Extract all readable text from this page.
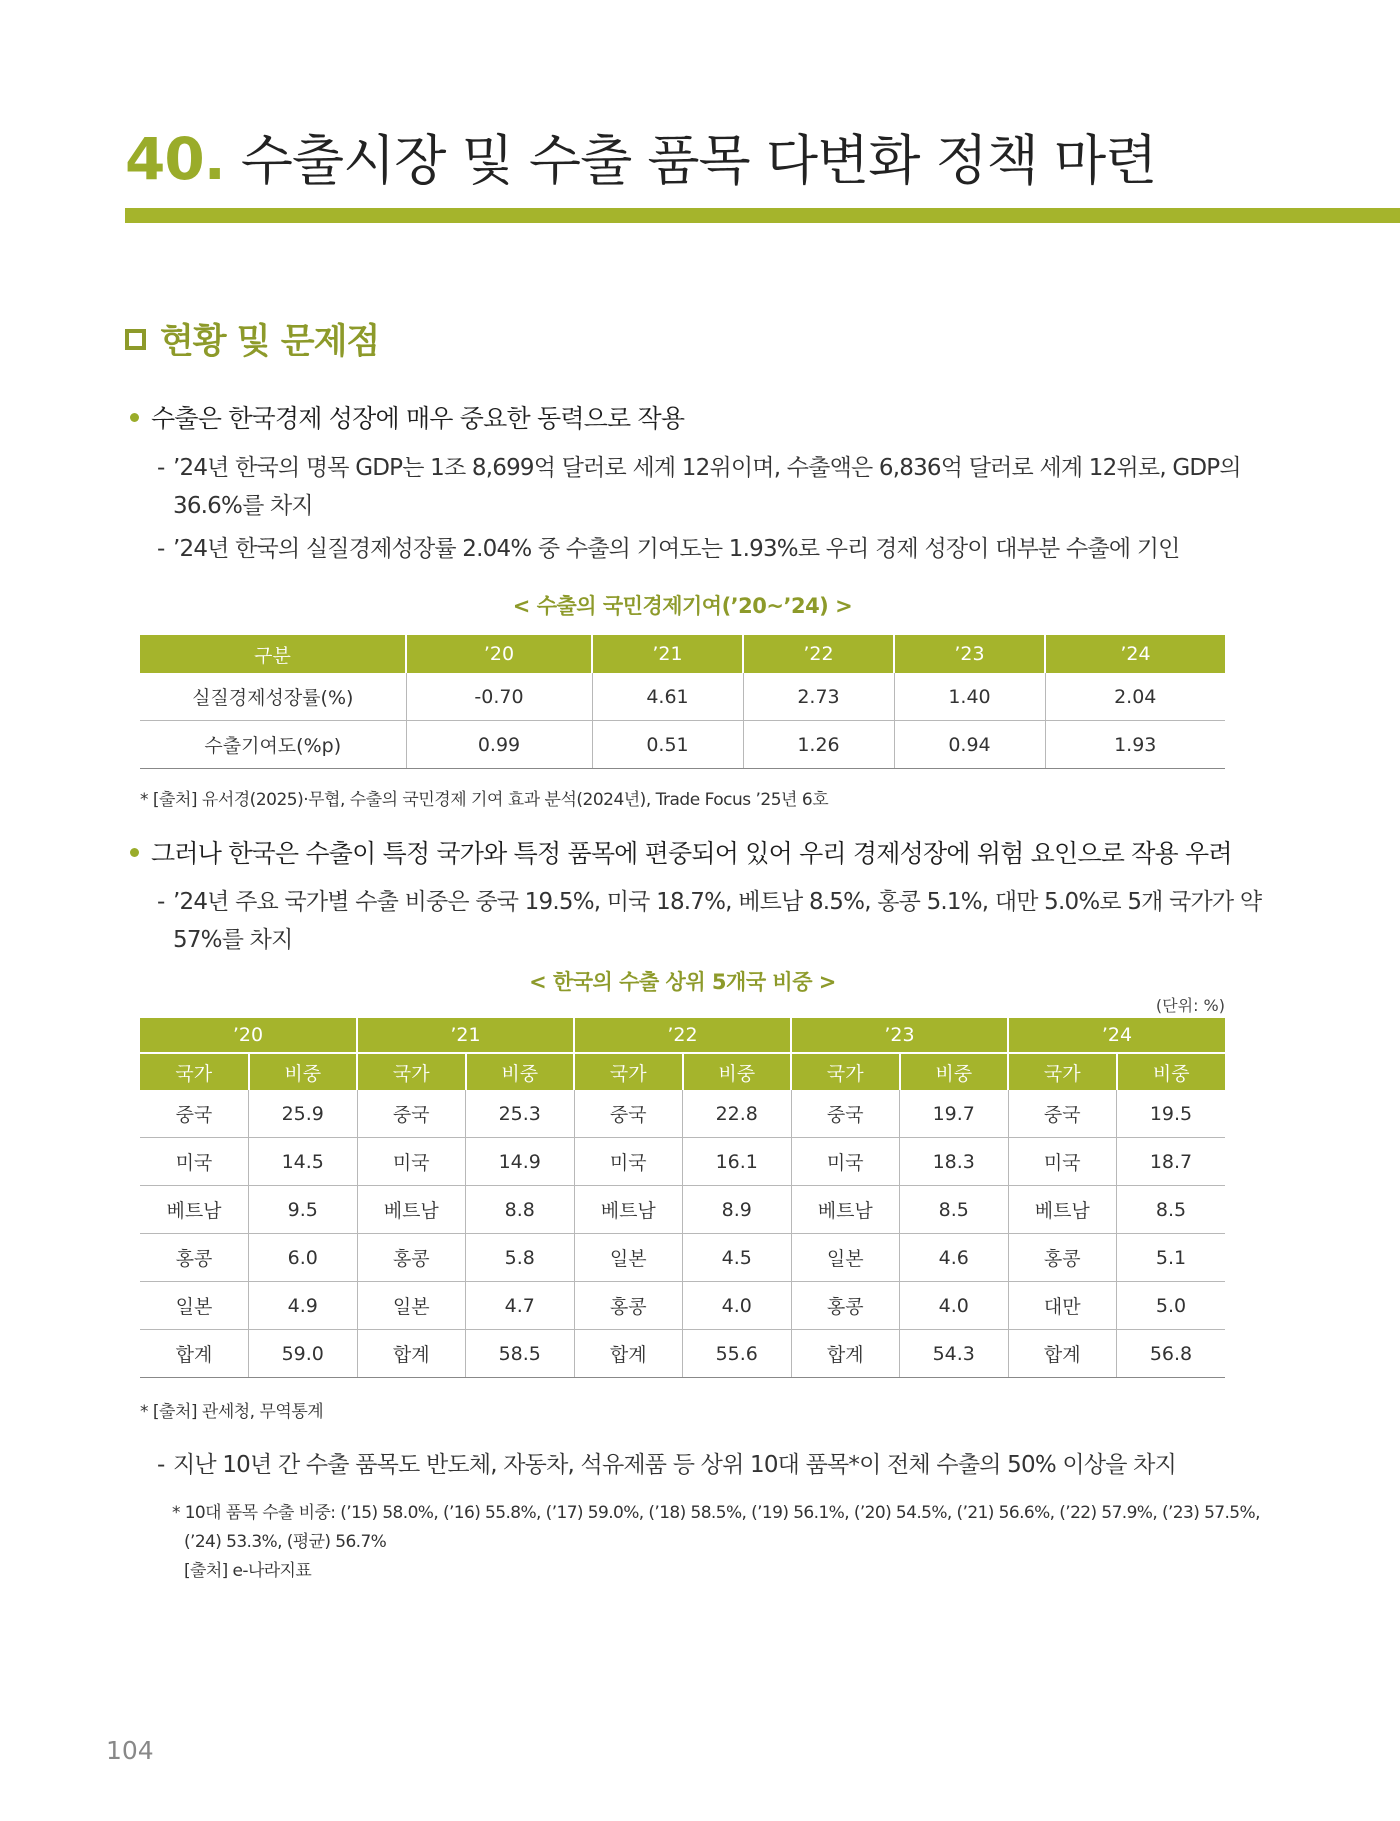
40. 수출시장 및 수출 품목 다변화 정책 마련
현황 및 문제점
수출은 한국경제 성장에 매우 중요한 동력으로 작용
- ’24년 한국의 명목 GDP는 1조 8,699억 달러로 세계 12위이며, 수출액은 6,836억 달러로 세계 12위로, GDP의
36.6%를 차지
- ’24년 한국의 실질경제성장률 2.04% 중 수출의 기여도는 1.93%로 우리 경제 성장이 대부분 수출에 기인
< 수출의 국민경제기여(’20~’24) >
구분	’20	’21	’22	’23	’24
실질경제성장률(%)	-0.70	4.61	2.73	1.40	2.04
수출기여도(%p)	0.99	0.51	1.26	0.94	1.93
* [출처] 유서경(2025)·무협, 수출의 국민경제 기여 효과 분석(2024년), Trade Focus ’25년 6호
그러나 한국은 수출이 특정 국가와 특정 품목에 편중되어 있어 우리 경제성장에 위험 요인으로 작용 우려
- ’24년 주요 국가별 수출 비중은 중국 19.5%, 미국 18.7%, 베트남 8.5%, 홍콩 5.1%, 대만 5.0%로 5개 국가가 약
57%를 차지
< 한국의 수출 상위 5개국 비중 >
(단위: %)
’20		’21		’22		’23		’24	
국가	비중	국가	비중	국가	비중	국가	비중	국가	비중
중국	25.9	중국	25.3	중국	22.8	중국	19.7	중국	19.5
미국	14.5	미국	14.9	미국	16.1	미국	18.3	미국	18.7
베트남	9.5	베트남	8.8	베트남	8.9	베트남	8.5	베트남	8.5
홍콩	6.0	홍콩	5.8	일본	4.5	일본	4.6	홍콩	5.1
일본	4.9	일본	4.7	홍콩	4.0	홍콩	4.0	대만	5.0
합계	59.0	합계	58.5	합계	55.6	합계	54.3	합계	56.8
* [출처] 관세청, 무역통계
- 지난 10년 간 수출 품목도 반도체, 자동차, 석유제품 등 상위 10대 품목*이 전체 수출의 50% 이상을 차지
* 10대 품목 수출 비중: (’15) 58.0%, (’16) 55.8%, (’17) 59.0%, (’18) 58.5%, (’19) 56.1%, (’20) 54.5%, (’21) 56.6%, (’22) 57.9%, (’23) 57.5%,
(’24) 53.3%, (평균) 56.7%
[출처] e-나라지표
104
